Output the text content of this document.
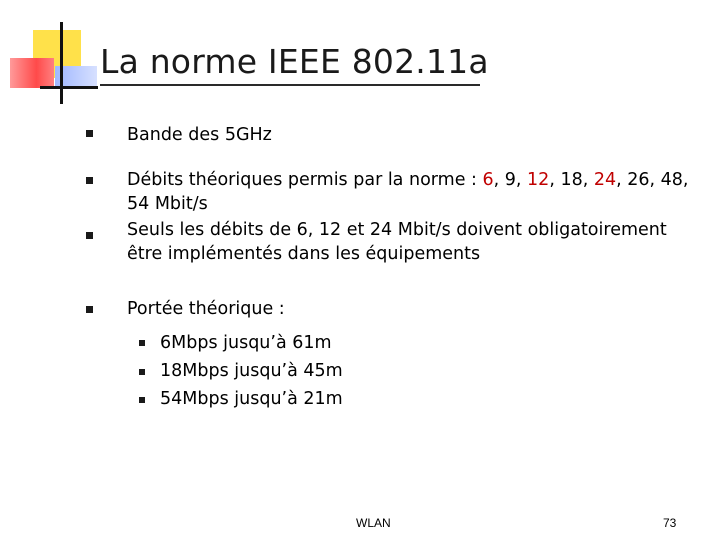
La norme IEEE 802.11a
Bande des 5GHz
Débits théoriques permis par la norme : 6, 9, 12, 18, 24, 26, 48,
54 Mbit/s
Seuls les débits de 6, 12 et 24 Mbit/s doivent obligatoirement
être implémentés dans les équipements
Portée théorique :
6Mbps jusqu’à 61m
18Mbps jusqu’à 45m
54Mbps jusqu’à 21m
WLAN	73
